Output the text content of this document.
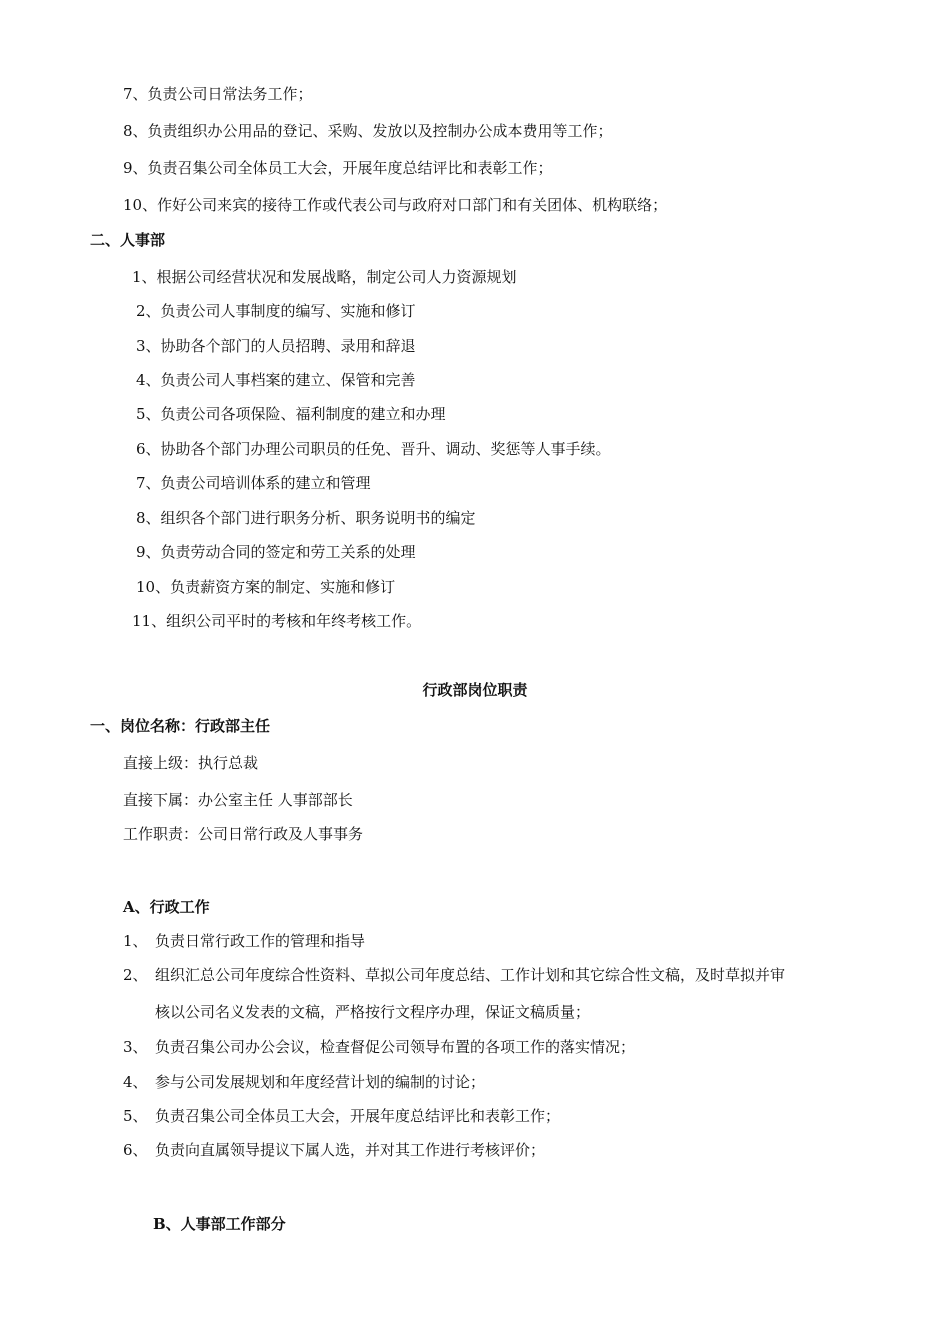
7、负责公司日常法务工作；
8、负责组织办公用品的登记、采购、发放以及控制办公成本费用等工作；
9、负责召集公司全体员工大会，开展年度总结评比和表彰工作；
10、作好公司来宾的接待工作或代表公司与政府对口部门和有关团体、机构联络；
二、人事部
1、根据公司经营状况和发展战略，制定公司人力资源规划
2、负责公司人事制度的编写、实施和修订
3、协助各个部门的人员招聘、录用和辞退
4、负责公司人事档案的建立、保管和完善
5、负责公司各项保险、福利制度的建立和办理
6、协助各个部门办理公司职员的任免、晋升、调动、奖惩等人事手续。
7、负责公司培训体系的建立和管理
8、组织各个部门进行职务分析、职务说明书的编定
9、负责劳动合同的签定和劳工关系的处理
10、负责薪资方案的制定、实施和修订
11、组织公司平时的考核和年终考核工作。
行政部岗位职责
一、岗位名称：行政部主任
直接上级：执行总裁
直接下属：办公室主任 人事部部长
工作职责：公司日常行政及人事事务
A、行政工作
1、 负责日常行政工作的管理和指导
2、 组织汇总公司年度综合性资料、草拟公司年度总结、工作计划和其它综合性文稿，及时草拟并审
核以公司名义发表的文稿，严格按行文程序办理，保证文稿质量；
3、 负责召集公司办公会议，检查督促公司领导布置的各项工作的落实情况；
4、 参与公司发展规划和年度经营计划的编制的讨论；
5、 负责召集公司全体员工大会，开展年度总结评比和表彰工作；
6、 负责向直属领导提议下属人选，并对其工作进行考核评价；
B、人事部工作部分
